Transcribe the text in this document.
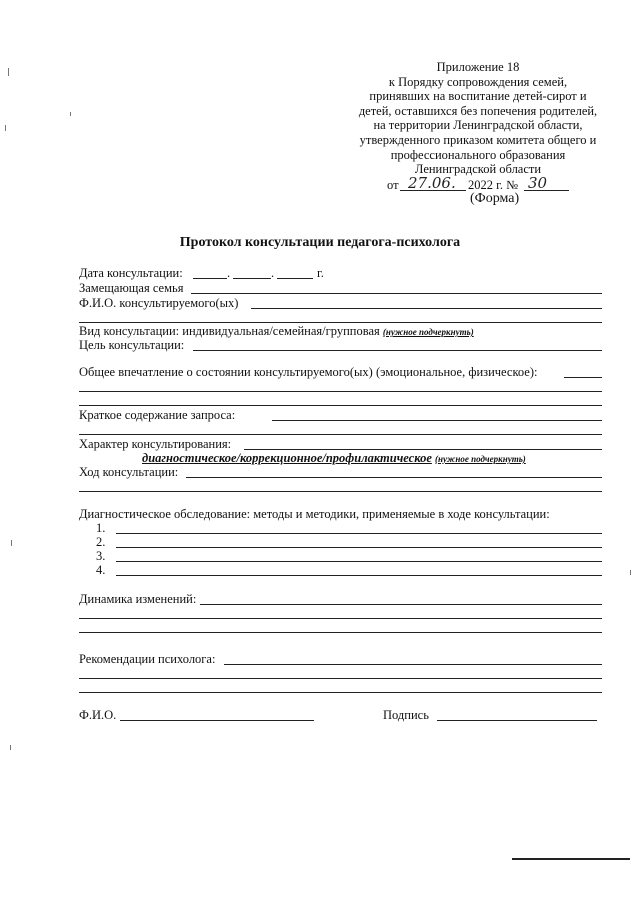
Приложение 18
к Порядку сопровождения семей,
принявших на воспитание детей-сирот и
детей, оставшихся без попечения родителей,
на территории Ленинградской области,
утвержденного приказом комитета общего и
профессионального образования
Ленинградской области
от 27.06. 2022 г. № 30
(Форма)
Протокол консультации педагога-психолога
Дата консультации:	.	.	г.
Замещающая семья
Ф.И.О. консультируемого(ых)
Вид консультации: индивидуальная/семейная/групповая (нужное подчеркнуть)
Цель консультации:
Общее впечатление о состоянии консультируемого(ых) (эмоциональное, физическое):
Краткое содержание запроса:
Характер консультирования:
диагностическое/коррекционное/профилактическое (нужное подчеркнуть)
Ход консультации:
Диагностическое обследование: методы и методики, применяемые в ходе консультации:
1.
2.
3.
4.
Динамика изменений:
Рекомендации психолога:
Ф.И.О.	Подпись
